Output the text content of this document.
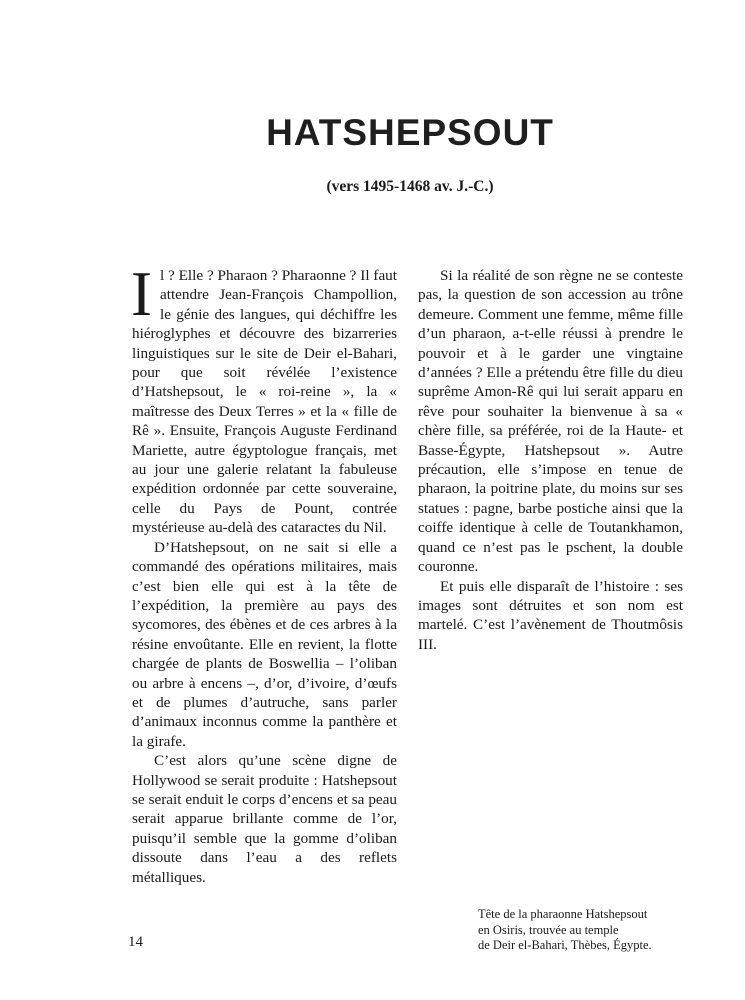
HATSHEPSOUT
(vers 1495-1468 av. J.-C.)

Il ? Elle ? Pharaon ? Pharaonne ? Il faut attendre Jean-François Champollion, le génie des langues, qui déchiffre les hiéroglyphes et découvre des bizarreries linguistiques sur le site de Deir el-Bahari, pour que soit révélée l’existence d’Hatshepsout, le « roi-reine », la « maîtresse des Deux Terres » et la « fille de Rê ». Ensuite, François Auguste Ferdinand Mariette, autre égyptologue français, met au jour une galerie relatant la fabuleuse expédition ordonnée par cette souveraine, celle du Pays de Pount, contrée mystérieuse au-delà des cataractes du Nil.

D’Hatshepsout, on ne sait si elle a commandé des opérations militaires, mais c’est bien elle qui est à la tête de l’expédition, la première au pays des sycomores, des ébènes et de ces arbres à la résine envoûtante. Elle en revient, la flotte chargée de plants de Boswellia – l’oliban ou arbre à encens –, d’or, d’ivoire, d’œufs et de plumes d’autruche, sans parler d’animaux inconnus comme la panthère et la girafe.

C’est alors qu’une scène digne de Hollywood se serait produite : Hatshepsout se serait enduit le corps d’encens et sa peau serait apparue brillante comme de l’or, puisqu’il semble que la gomme d’oliban dissoute dans l’eau a des reflets métalliques.

Si la réalité de son règne ne se conteste pas, la question de son accession au trône demeure. Comment une femme, même fille d’un pharaon, a-t-elle réussi à prendre le pouvoir et à le garder une vingtaine d’années ? Elle a prétendu être fille du dieu suprême Amon-Rê qui lui serait apparu en rêve pour souhaiter la bienvenue à sa « chère fille, sa préférée, roi de la Haute- et Basse-Égypte, Hatshepsout ». Autre précaution, elle s’impose en tenue de pharaon, la poitrine plate, du moins sur ses statues : pagne, barbe postiche ainsi que la coiffe identique à celle de Toutankhamon, quand ce n’est pas le pschent, la double couronne.

Et puis elle disparaît de l’histoire : ses images sont détruites et son nom est martelé. C’est l’avènement de Thoutmôsis III.

14
Tête de la pharaonne Hatshepsout
en Osiris, trouvée au temple
de Deir el-Bahari, Thèbes, Égypte.
